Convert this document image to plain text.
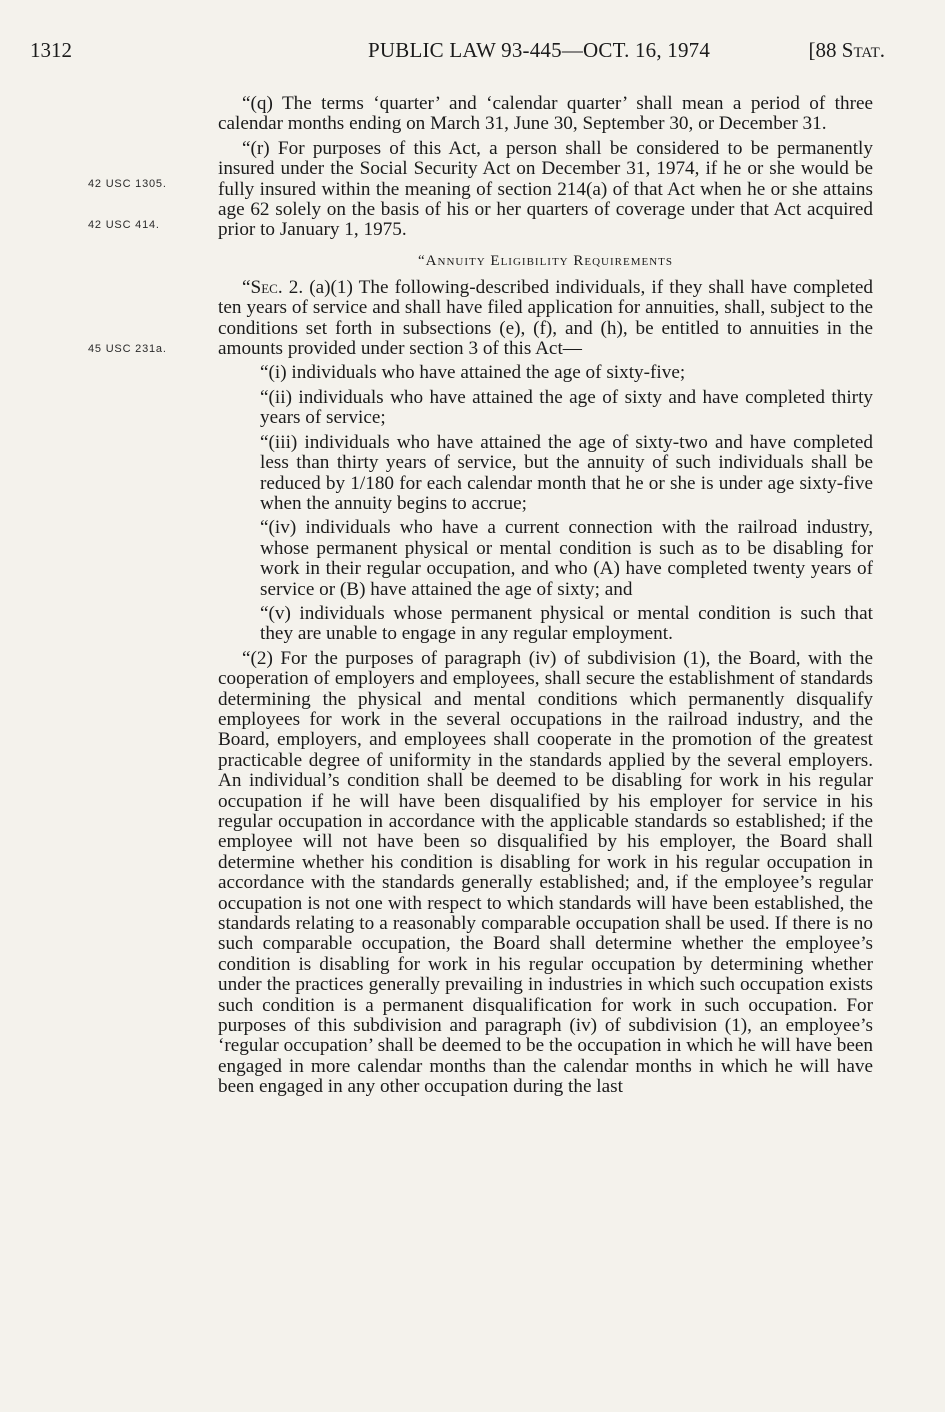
1312	PUBLIC LAW 93-445—OCT. 16, 1974	[88 Stat.
42 USC 1305.
42 USC 414.
45 USC 231a.

“(q) The terms ‘quarter’ and ‘calendar quarter’ shall mean a period of three calendar months ending on March 31, June 30, September 30, or December 31.

“(r) For purposes of this Act, a person shall be considered to be permanently insured under the Social Security Act on December 31, 1974, if he or she would be fully insured within the meaning of section 214(a) of that Act when he or she attains age 62 solely on the basis of his or her quarters of coverage under that Act acquired prior to January 1, 1975.

“Annuity Eligibility Requirements

“Sec. 2. (a)(1) The following-described individuals, if they shall have completed ten years of service and shall have filed application for annuities, shall, subject to the conditions set forth in subsections (e), (f), and (h), be entitled to annuities in the amounts provided under section 3 of this Act—

“(i) individuals who have attained the age of sixty-five;

“(ii) individuals who have attained the age of sixty and have completed thirty years of service;

“(iii) individuals who have attained the age of sixty-two and have completed less than thirty years of service, but the annuity of such individuals shall be reduced by 1/180 for each calendar month that he or she is under age sixty-five when the annuity begins to accrue;

“(iv) individuals who have a current connection with the railroad industry, whose permanent physical or mental condition is such as to be disabling for work in their regular occupation, and who (A) have completed twenty years of service or (B) have attained the age of sixty; and

“(v) individuals whose permanent physical or mental condition is such that they are unable to engage in any regular employment.

“(2) For the purposes of paragraph (iv) of subdivision (1), the Board, with the cooperation of employers and employees, shall secure the establishment of standards determining the physical and mental conditions which permanently disqualify employees for work in the several occupations in the railroad industry, and the Board, employers, and employees shall cooperate in the promotion of the greatest practicable degree of uniformity in the standards applied by the several employers. An individual’s condition shall be deemed to be disabling for work in his regular occupation if he will have been disqualified by his employer for service in his regular occupation in accordance with the applicable standards so established; if the employee will not have been so disqualified by his employer, the Board shall determine whether his condition is disabling for work in his regular occupation in accordance with the standards generally established; and, if the employee’s regular occupation is not one with respect to which standards will have been established, the standards relating to a reasonably comparable occupation shall be used. If there is no such comparable occupation, the Board shall determine whether the employee’s condition is disabling for work in his regular occupation by determining whether under the practices generally prevailing in industries in which such occupation exists such condition is a permanent disqualification for work in such occupation. For purposes of this subdivision and paragraph (iv) of subdivision (1), an employee’s ‘regular occupation’ shall be deemed to be the occupation in which he will have been engaged in more calendar months than the calendar months in which he will have been engaged in any other occupation during the last
